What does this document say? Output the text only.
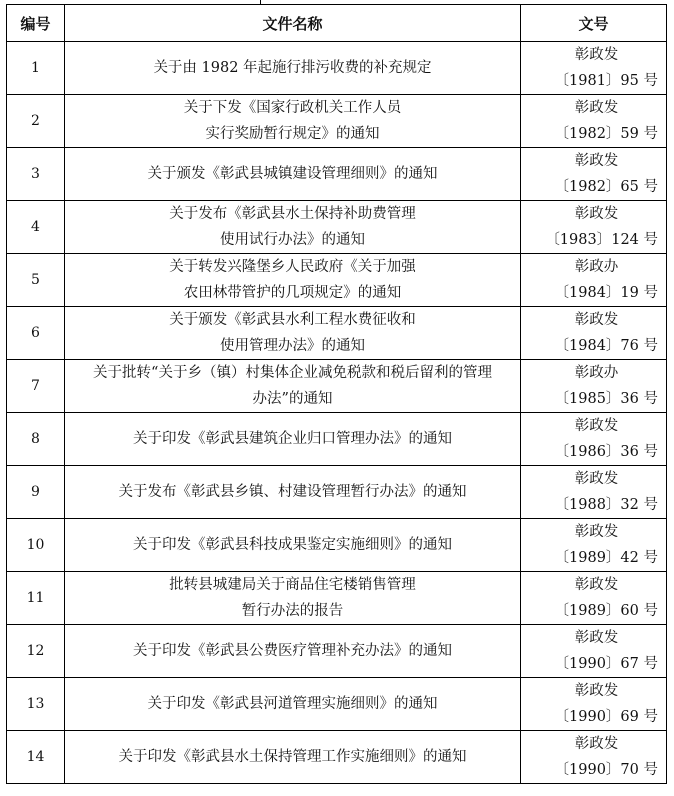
编号	文件名称	文号
1	关于由 1982 年起施行排污收费的补充规定	彰政发
〔1981〕95 号

2	关于下发《国家行政机关工作人员
实行奖励暂行规定》的通知	彰政发
〔1982〕59 号

3	关于颁发《彰武县城镇建设管理细则》的通知	彰政发
〔1982〕65 号

4	关于发布《彰武县水土保持补助费管理
使用试行办法》的通知	彰政发
〔1983〕124 号

5	关于转发兴隆堡乡人民政府《关于加强
农田林带管护的几项规定》的通知	彰政办
〔1984〕19 号

6	关于颁发《彰武县水利工程水费征收和
使用管理办法》的通知	彰政发
〔1984〕76 号

7	关于批转“关于乡（镇）村集体企业减免税款和税后留利的管理
办法”的通知	彰政办
〔1985〕36 号

8	关于印发《彰武县建筑企业归口管理办法》的通知	彰政发
〔1986〕36 号

9	关于发布《彰武县乡镇、村建设管理暂行办法》的通知	彰政发
〔1988〕32 号

10	关于印发《彰武县科技成果鉴定实施细则》的通知	彰政发
〔1989〕42 号

11	批转县城建局关于商品住宅楼销售管理
暂行办法的报告	彰政发
〔1989〕60 号

12	关于印发《彰武县公费医疗管理补充办法》的通知	彰政发
〔1990〕67 号

13	关于印发《彰武县河道管理实施细则》的通知	彰政发
〔1990〕69 号

14	关于印发《彰武县水土保持管理工作实施细则》的通知	彰政发
〔1990〕70 号
